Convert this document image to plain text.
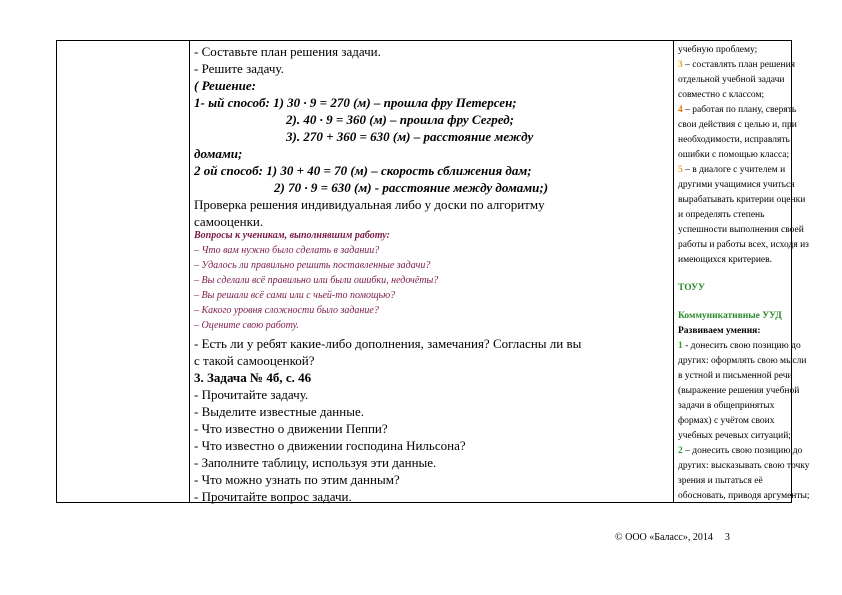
- Составьте план решения задачи.
- Решите задачу.
( Решение:
1- ый способ: 1) 30 · 9 = 270 (м) – прошла фру Петерсен;
2). 40 · 9 = 360 (м) – прошла фру Сегред;
3). 270 + 360 = 630 (м) – расстояние между
домами;
2 ой способ: 1) 30 + 40 = 70 (м) – скорость сближения дам;
2) 70 · 9 = 630 (м) - расстояние между домами;)
Проверка решения индивидуальная либо у доски по алгоритму
самооценки.
Вопросы к ученикам, выполнявшим работу:
– Что вам нужно было сделать в задании?
– Удалось ли правильно решить поставленные задачи?
– Вы сделали всё правильно или были ошибки, недочёты?
– Вы решали всё сами или с чьей-то помощью?
– Какого уровня сложности было задание?
– Оцените свою работу.
- Есть ли у ребят какие-либо дополнения, замечания? Согласны ли вы
с такой самооценкой?
3. Задача № 4б, с. 46
- Прочитайте задачу.
- Выделите известные данные.
- Что известно о движении Пеппи?
- Что известно о движении господина Нильсона?
- Заполните таблицу, используя эти данные.
- Что можно узнать по этим данным?
- Прочитайте вопрос задачи.
учебную проблему;
3 – составлять план решения
отдельной учебной задачи
совместно с классом;
4 – работая по плану, сверять
свои действия с целью и, при
необходимости, исправлять
ошибки с помощью класса;
5 – в диалоге с учителем и
другими учащимися учиться
вырабатывать критерии оценки
и определять степень
успешности выполнения своей
работы и работы всех, исходя из
имеющихся критериев.
ТОУУ
Коммуникативные УУД
Развиваем умения:
1 - донесить свою позицию до
других: оформлять свою мысли
в устной и письменной речи
(выражение решения учебной
задачи в общепринятых
формах) с учётом своих
учебных речевых ситуаций;
2 – донесить свою позицию до
других: высказывать свою точку
зрения и пытаться её
обосновать, приводя аргументы;
© ООО «Баласс», 2014 3
